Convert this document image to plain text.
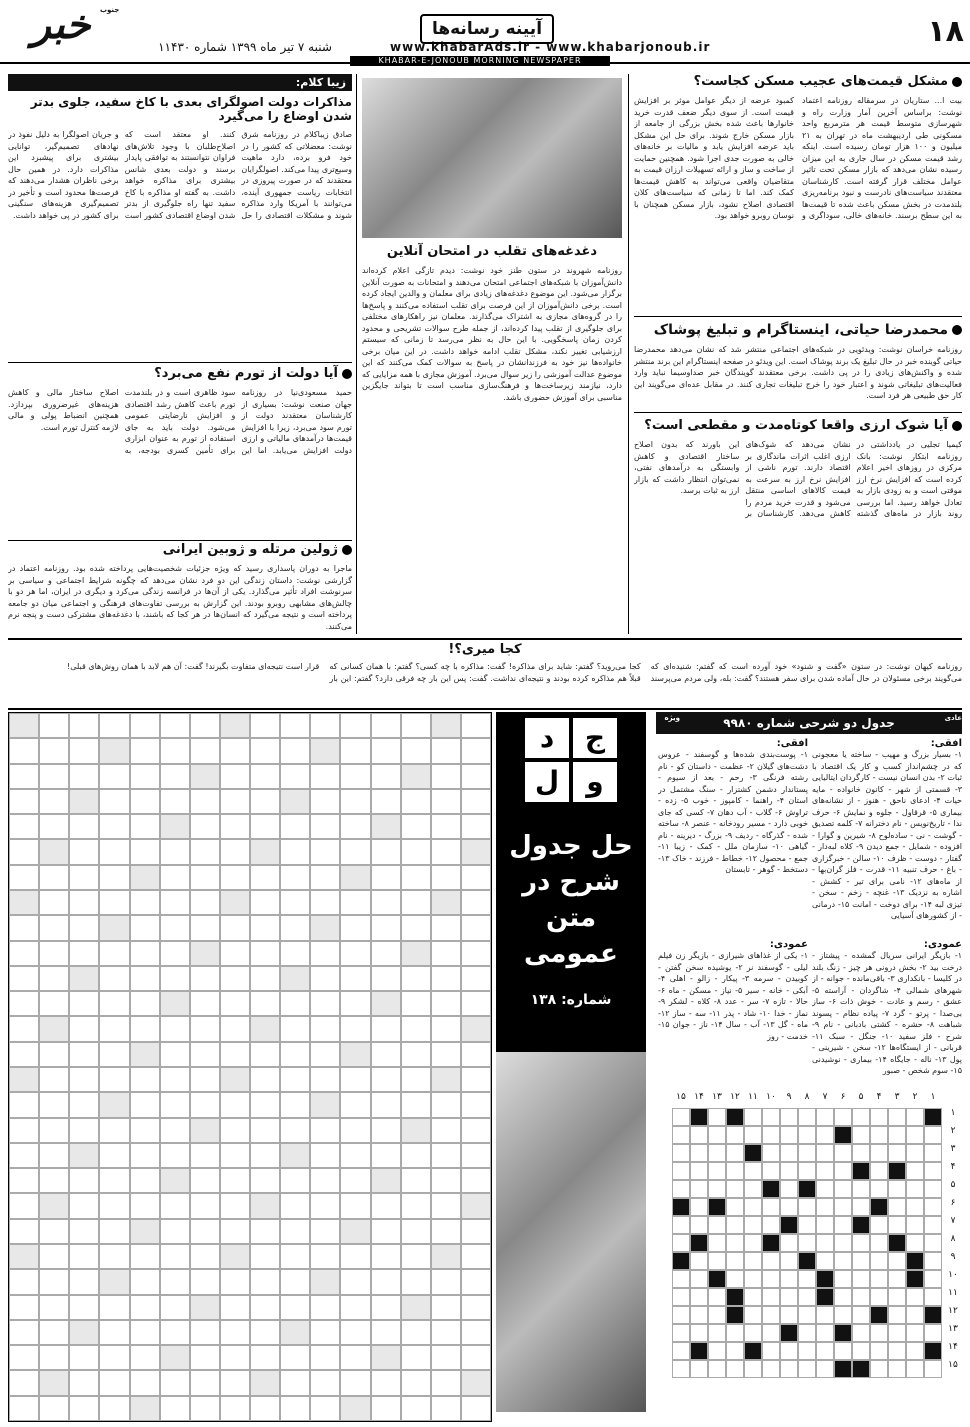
۱۸
www.khabarAds.ir - www.khabarjonoub.ir
آیینه رسانه‌ها
خبر	جنوب
شنبه ۷ تیر ماه ۱۳۹۹ شماره ۱۱۴۳۰
KHABAR-E-JONOUB MORNING NEWSPAPER
مشکل قیمت‌های عجیب مسکن کجاست؟
بیت ا... ستاریان در سرمقاله روزنامه اعتماد نوشت: براساس آخرین آمار وزارت راه و شهرسازی متوسط قیمت هر مترمربع واحد مسکونی طی اردیبهشت ماه در تهران به ۲۱ میلیون و ۱۰۰ هزار تومان رسیده است. اینکه رشد قیمت مسکن در سال جاری به این میزان رسیده نشان می‌دهد که بازار مسکن تحت تاثیر عوامل مختلف قرار گرفته است. کارشناسان معتقدند سیاست‌های نادرست و نبود برنامه‌ریزی بلندمدت در بخش مسکن باعث شده تا قیمت‌ها به این سطح برسند. خانه‌های خالی، سوداگری و کمبود عرضه از دیگر عوامل موثر بر افزایش قیمت است. از سوی دیگر ضعف قدرت خرید خانوارها باعث شده بخش بزرگی از جامعه از بازار مسکن خارج شوند. برای حل این مشکل باید عرضه افزایش یابد و مالیات بر خانه‌های خالی به صورت جدی اجرا شود. همچنین حمایت از ساخت و ساز و ارائه تسهیلات ارزان قیمت به متقاضیان واقعی می‌تواند به کاهش قیمت‌ها کمک کند. اما تا زمانی که سیاست‌های کلان اقتصادی اصلاح نشود، بازار مسکن همچنان با نوسان روبرو خواهد بود.
محمدرضا حیاتی، اینستاگرام و تبلیغ پوشاک
روزنامه خراسان نوشت: ویدئویی در شبکه‌های اجتماعی منتشر شد که نشان می‌دهد محمدرضا حیاتی گوینده خبر در حال تبلیغ یک برند پوشاک است. این ویدئو در صفحه اینستاگرام این برند منتشر شده و واکنش‌های زیادی را در پی داشت. برخی معتقدند گویندگان خبر صداوسیما نباید وارد فعالیت‌های تبلیغاتی شوند و اعتبار خود را خرج تبلیغات تجاری کنند. در مقابل عده‌ای می‌گویند این کار حق طبیعی هر فرد است.
آیا شوک ارزی واقعا کوتاه‌مدت و مقطعی است؟
کیمیا تجلیی در یادداشتی در روزنامه ابتکار نوشت: بانک مرکزی در روزهای اخیر اعلام کرده است که افزایش نرخ ارز موقتی است و به زودی بازار به تعادل خواهد رسید. اما بررسی روند بازار در ماه‌های گذشته نشان می‌دهد که شوک‌های ارزی اغلب اثرات ماندگاری بر اقتصاد دارند. تورم ناشی از افزایش نرخ ارز به سرعت به قیمت کالاهای اساسی منتقل می‌شود و قدرت خرید مردم را کاهش می‌دهد. کارشناسان بر این باورند که بدون اصلاح ساختار اقتصادی و کاهش وابستگی به درآمدهای نفتی، نمی‌توان انتظار داشت که بازار ارز به ثبات برسد.
دغدغه‌های تقلب در امتحان آنلاین
روزنامه شهروند در ستون طنز خود نوشت: دیدم تازگی اعلام کرده‌اند دانش‌آموزان با شبکه‌های اجتماعی امتحان می‌دهند و امتحانات به صورت آنلاین برگزار می‌شود. این موضوع دغدغه‌های زیادی برای معلمان و والدین ایجاد کرده است. برخی دانش‌آموزان از این فرصت برای تقلب استفاده می‌کنند و پاسخ‌ها را در گروه‌های مجازی به اشتراک می‌گذارند. معلمان نیز راهکارهای مختلفی برای جلوگیری از تقلب پیدا کرده‌اند، از جمله طرح سوالات تشریحی و محدود کردن زمان پاسخگویی. با این حال به نظر می‌رسد تا زمانی که سیستم ارزشیابی تغییر نکند، مشکل تقلب ادامه خواهد داشت. در این میان برخی خانواده‌ها نیز خود به فرزندانشان در پاسخ به سوالات کمک می‌کنند که این موضوع عدالت آموزشی را زیر سوال می‌برد. آموزش مجازی با همه مزایایی که دارد، نیازمند زیرساخت‌ها و فرهنگ‌سازی مناسب است تا بتواند جایگزین مناسبی برای آموزش حضوری باشد.
زیبا کلام:
مذاکرات دولت اصولگرای بعدی با کاخ سفید، جلوی بدتر شدن اوضاع را می‌گیرد
صادق زیباکلام در روزنامه شرق نوشت: معضلاتی که کشور را در خود فرو برده، دارد ماهیت وسیع‌تری پیدا می‌کند. اصولگرایان معتقدند که در صورت پیروزی در انتخابات ریاست جمهوری آینده، می‌توانند با آمریکا وارد مذاکره شوند و مشکلات اقتصادی را حل کنند. او معتقد است که اصلاح‌طلبان با وجود تلاش‌های فراوان نتوانستند به توافقی پایدار برسند و دولت بعدی شانس بیشتری برای مذاکره خواهد داشت. به گفته او مذاکره با کاخ سفید تنها راه جلوگیری از بدتر شدن اوضاع اقتصادی کشور است و جریان اصولگرا به دلیل نفوذ در نهادهای تصمیم‌گیر، توانایی بیشتری برای پیشبرد این مذاکرات دارد. در همین حال برخی ناظران هشدار می‌دهند که فرصت‌ها محدود است و تأخیر در تصمیم‌گیری هزینه‌های سنگینی برای کشور در پی خواهد داشت.
آیا دولت از تورم نفع می‌برد؟
حمید مسعودی‌نیا در روزنامه جهان صنعت نوشت: بسیاری از کارشناسان معتقدند دولت از تورم سود می‌برد، زیرا با افزایش قیمت‌ها درآمدهای مالیاتی و ارزی دولت افزایش می‌یابد. اما این سود ظاهری است و در بلندمدت تورم باعث کاهش رشد اقتصادی و افزایش نارضایتی عمومی می‌شود. دولت باید به جای استفاده از تورم به عنوان ابزاری برای تأمین کسری بودجه، به اصلاح ساختار مالی و کاهش هزینه‌های غیرضروری بپردازد. همچنین انضباط پولی و مالی لازمه کنترل تورم است.
ژولین مرتله و ژوبین ایرانی
ماجرا به دوران پاسداری رسید که ویژه جزئیات شخصیت‌هایی پرداخته شده بود. روزنامه اعتماد در گزارشی نوشت: داستان زندگی این دو فرد نشان می‌دهد که چگونه شرایط اجتماعی و سیاسی بر سرنوشت افراد تأثیر می‌گذارد. یکی از آن‌ها در فرانسه زندگی می‌کرد و دیگری در ایران، اما هر دو با چالش‌های مشابهی روبرو بودند. این گزارش به بررسی تفاوت‌های فرهنگی و اجتماعی میان دو جامعه پرداخته است و نتیجه می‌گیرد که انسان‌ها در هر کجا که باشند، با دغدغه‌های مشترکی دست و پنجه نرم می‌کنند.
کجا میری؟!
روزنامه کیهان نوشت: در ستون «گفت و شنود» خود آورده است که گفتم: شنیده‌ای که می‌گویند برخی مسئولان در حال آماده شدن برای سفر هستند؟ گفت: بله، ولی مردم می‌پرسند کجا می‌روید؟ گفتم: شاید برای مذاکره! گفت: مذاکره با چه کسی؟ گفتم: با همان کسانی که قبلاً هم مذاکره کرده بودند و نتیجه‌ای نداشت. گفت: پس این بار چه فرقی دارد؟ گفتم: این بار قرار است نتیجه‌ای متفاوت بگیرند! گفت: آن هم لابد با همان روش‌های قبلی!
جدول دو شرحی شماره ۹۹۸۰	عادی
ویژه
افقی:
۱- بسیار بزرگ و مهیب - ساخته یا معجونی که در چشم‌انداز کسب و کار یک اقتصاد با ثبات ۲- بدن انسان نیست - کارگردان ایتالیایی ۳- قسمتی از شهر - کانون خانواده - مایه حیات ۴- ادعای ناحق - هنوز - از نشانه‌های بیماری ۵- قرقاول - جلوه و نمایش ۶- حرف ندا - تاریخ‌نویس - نام دخترانه ۷- کلمه تصدیق - گوشت - نی - ساده‌لوح ۸- شیرین و گوارا - افزوده - شمایل - جمع دیدن ۹- کلاه لبه‌دار - گفتار - دوست - ظرف ۱۰- سالن - خبرگزاری - باغ - حرف تنبیه ۱۱- قدرت - فلز گران‌بها - از ماه‌های ۱۲- نامی برای تیر - کشش - اشاره به نزدیک ۱۳- غنچه - زخم - سخن - تیزی لبه ۱۴- برای دوخت - امانت ۱۵- درمانی - از کشورهای آسیایی
عمودی:
۱- بازیگر ایرانی سریال گمشده - پیشتاز - درخت بید ۲- بخش درونی هر چیز - زنگ بلند در کلیسا - بانکداری ۳- باقی‌مانده - جوانه - از شهرهای شمالی ۴- شاگردان - آراسته ۵- عشق - رسم و عادت - خوش ذات ۶- ساز بی‌صدا - پرتو - گرد ۷- پیاده نظام - پسوند شباهت ۸- حشره - کشتی بادبانی - نام ۹- شرح - فلز سفید ۱۰- جنگل - سبک ۱۱- قربانی - از ایستگاه‌ها ۱۲- سخن - شیرینی - پول ۱۳- ناله - جایگاه ۱۴- بیماری - نوشیدنی ۱۵- سوم شخص - صبور
افقی:
۱- پوست‌بندی شده‌ها و گوسفند - عروس دشت‌های گیلان ۲- عظمت - داستان کو - نام رشته فرنگی ۳- رحم - بعد از سیوم - پستاندار دشمن کشتزار - سنگ مشتمل در استان ۴- راهنما - کامپوز - خوب ۵- زده - تراوش ۶- گلاب - آب دهان ۷- کسی که جای خوبی دارد - مسیر رودخانه - عنصر ۸- ساخته شده - گذرگاه - ردیف ۹- بزرگ - دیرینه - نام گیاهی ۱۰- سازمان ملل - کمک - زیبا ۱۱- جمع - محصول ۱۲- خطاط - فرزند - خاک ۱۳- دستخط - گوهر - تابستان
عمودی:
۱- یکی از غذاهای شیرازی - بازیگر زن فیلم لیلی - گوسفند نر ۲- یوشیده سخن گفتن - کوبیدن - سرمه ۳- پیکار - زالو - اهلی ۴- آبکی - خانه - سیر ۵- نیاز - مسکن - ماه ۶- حالا - تازه ۷- سر - عدد ۸- کلاه - لشکر ۹- نماز - خدا ۱۰- شاد - پدر ۱۱- سه - ساز ۱۲- ماه - گل ۱۳- آب - سال ۱۴- ناز - جوان ۱۵- خدمت - روز
۱
۱
۲
۲
۳
۳
۴
۴
۵
۵
۶
۶
۷
۷
۸
۸
۹
۹
۱۰
۱۰
۱۱
۱۱
۱۲
۱۲
۱۳
۱۳
۱۴
۱۴
۱۵
۱۵
ج
د
و
ل
حل جدول شرح در متن عمومی
شماره: ۱۳۸
